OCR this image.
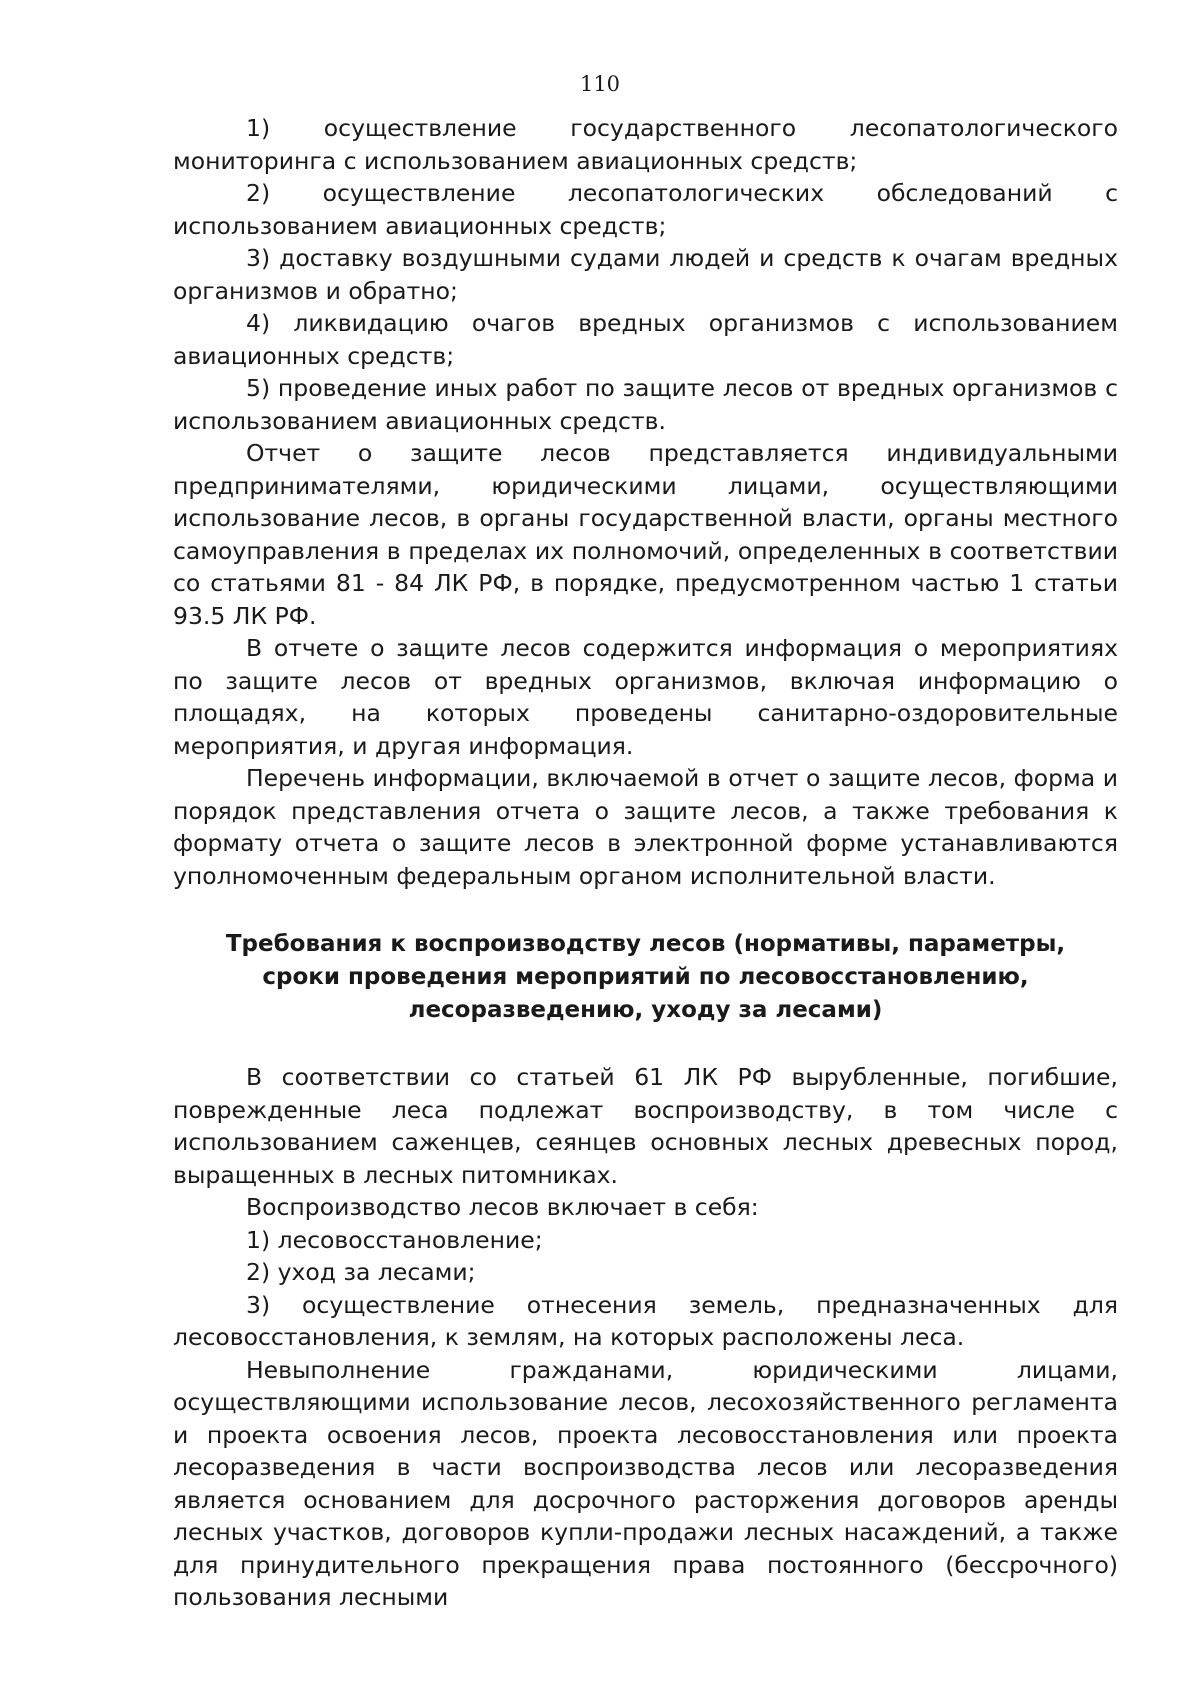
110

1) осуществление государственного лесопатологического мониторинга с использованием авиационных средств;

2) осуществление лесопатологических обследований с использованием авиационных средств;

3) доставку воздушными судами людей и средств к очагам вредных организмов и обратно;

4) ликвидацию очагов вредных организмов с использованием авиационных средств;

5) проведение иных работ по защите лесов от вредных организмов с использованием авиационных средств.

Отчет о защите лесов представляется индивидуальными предпринимателями, юридическими лицами, осуществляющими использование лесов, в органы государственной власти, органы местного самоуправления в пределах их полномочий, определенных в соответствии со статьями 81 - 84 ЛК РФ, в порядке, предусмотренном частью 1 статьи 93.5 ЛК РФ.

В отчете о защите лесов содержится информация о мероприятиях по защите лесов от вредных организмов, включая информацию о площадях, на которых проведены санитарно-оздоровительные мероприятия, и другая информация.

Перечень информации, включаемой в отчет о защите лесов, форма и порядок представления отчета о защите лесов, а также требования к формату отчета о защите лесов в электронной форме устанавливаются уполномоченным федеральным органом исполнительной власти.

Требования к воспроизводству лесов (нормативы, параметры,
сроки проведения мероприятий по лесовосстановлению,
лесоразведению, уходу за лесами)

В соответствии со статьей 61 ЛК РФ вырубленные, погибшие, поврежденные леса подлежат воспроизводству, в том числе с использованием саженцев, сеянцев основных лесных древесных пород, выращенных в лесных питомниках.

Воспроизводство лесов включает в себя:

1) лесовосстановление;

2) уход за лесами;

3) осуществление отнесения земель, предназначенных для лесовосстановления, к землям, на которых расположены леса.

Невыполнение гражданами, юридическими лицами, осуществляющими использование лесов, лесохозяйственного регламента и проекта освоения лесов, проекта лесовосстановления или проекта лесоразведения в части воспроизводства лесов или лесоразведения является основанием для досрочного расторжения договоров аренды лесных участков, договоров купли-продажи лесных насаждений, а также для принудительного прекращения права постоянного (бессрочного) пользования лесными
